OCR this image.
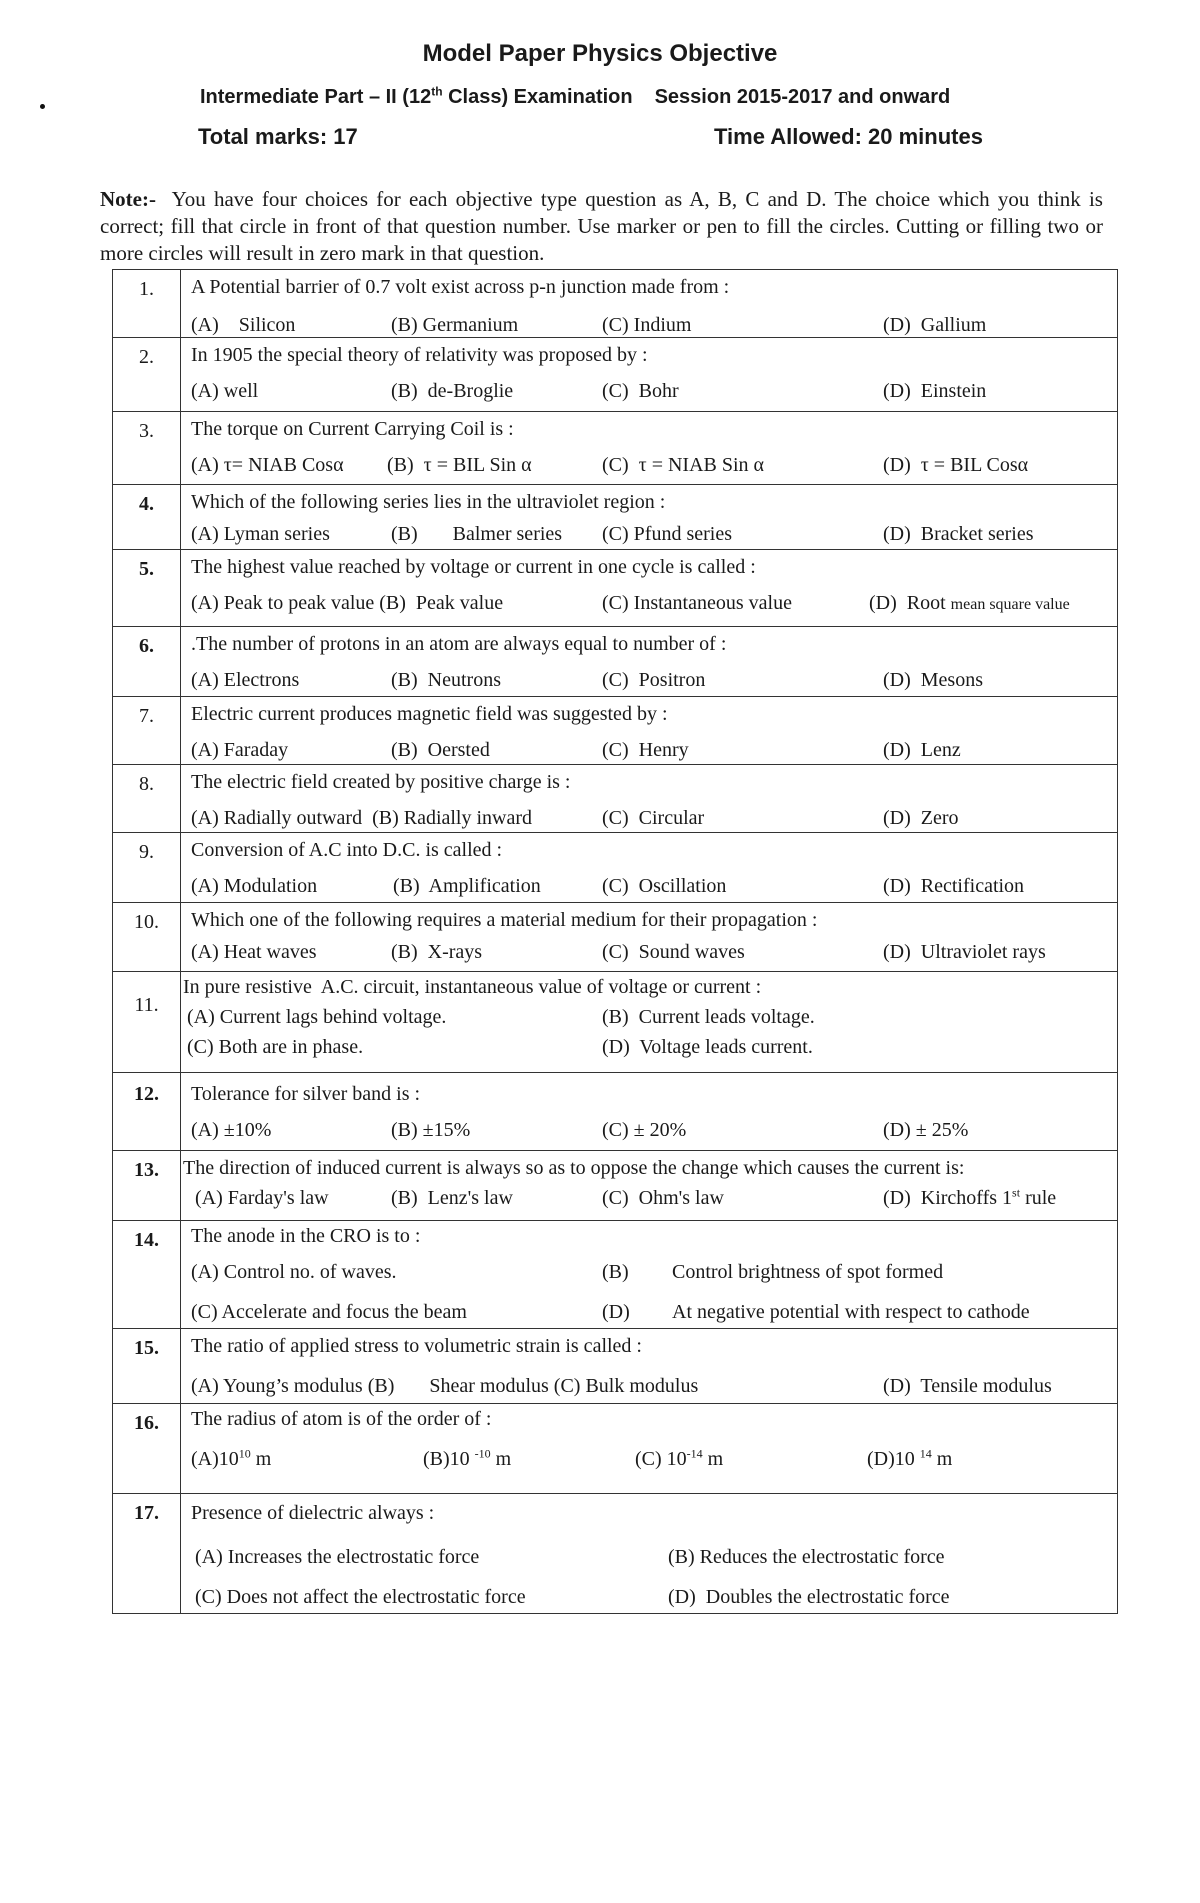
Model Paper Physics Objective
Intermediate Part – II (12th Class) Examination Session 2015-2017 and onward
Total marks: 17	Time Allowed: 20 minutes
Note:- You have four choices for each objective type question as A, B, C and D. The choice which you think is correct; fill that circle in front of that question number. Use marker or pen to fill the circles. Cutting or filling two or more circles will result in zero mark in that question.
1.	A Potential barrier of 0.7 volt exist across p-n junction made from :
(A)    Silicon	(B) Germanium	(C) Indium	(D)  Gallium
2.	In 1905 the special theory of relativity was proposed by :
(A) well	(B)  de-Broglie	(C)  Bohr	(D)  Einstein
3.	The torque on Current Carrying Coil is :
(A) τ= NIAB Cosα (B)  τ = BIL Sin α	(C)  τ = NIAB Sin α	(D)  τ = BIL Cosα
4.	Which of the following series lies in the ultraviolet region :
(A) Lyman series	(B)       Balmer series (C) Pfund series	(D)  Bracket series
5.	The highest value reached by voltage or current in one cycle is called :
(A) Peak to peak value (B)  Peak value	(C) Instantaneous value	(D)  Root mean square value
6.	.The number of protons in an atom are always equal to number of :
(A) Electrons	(B)  Neutrons	(C)  Positron	(D)  Mesons
7.	Electric current produces magnetic field was suggested by :
(A) Faraday	(B)  Oersted	(C)  Henry	(D)  Lenz
8.	The electric field created by positive charge is :
(A) Radially outward  (B) Radially inward	(C)  Circular	(D)  Zero
9.	Conversion of A.C into D.C. is called :
(A) Modulation	(B)  Amplification	(C)  Oscillation	(D)  Rectification
10.	Which one of the following requires a material medium for their propagation :
(A) Heat waves	(B)  X-rays	(C)  Sound waves	(D)  Ultraviolet rays
11.
In pure resistive  A.C. circuit, instantaneous value of voltage or current :
(A) Current lags behind voltage.	(B)  Current leads voltage.
(C) Both are in phase.	(D)  Voltage leads current.
12.	Tolerance for silver band is :
(A) ±10%	(B) ±15%	(C) ± 20%	(D) ± 25%
13.	The direction of induced current is always so as to oppose the change which causes the current is:
(A) Farday's law	(B)  Lenz's law	(C)  Ohm's law	(D)  Kirchoffs 1st rule
14.	The anode in the CRO is to :
(A) Control no. of waves.	(B) Control brightness of spot formed
(C) Accelerate and focus the beam	(D) At negative potential with respect to cathode
15.	The ratio of applied stress to volumetric strain is called :
(A) Young’s modulus (B)       Shear modulus (C) Bulk modulus	(D)  Tensile modulus
16.	The radius of atom is of the order of :
$(A)10^{10}$ m	(B)10 $^{-10}$ m	(C) $10^{-14}$ m	(D)10 $^{14}$ m
17.	Presence of dielectric always :
(A) Increases the electrostatic force	(B) Reduces the electrostatic force
(C) Does not affect the electrostatic force	(D)  Doubles the electrostatic force
